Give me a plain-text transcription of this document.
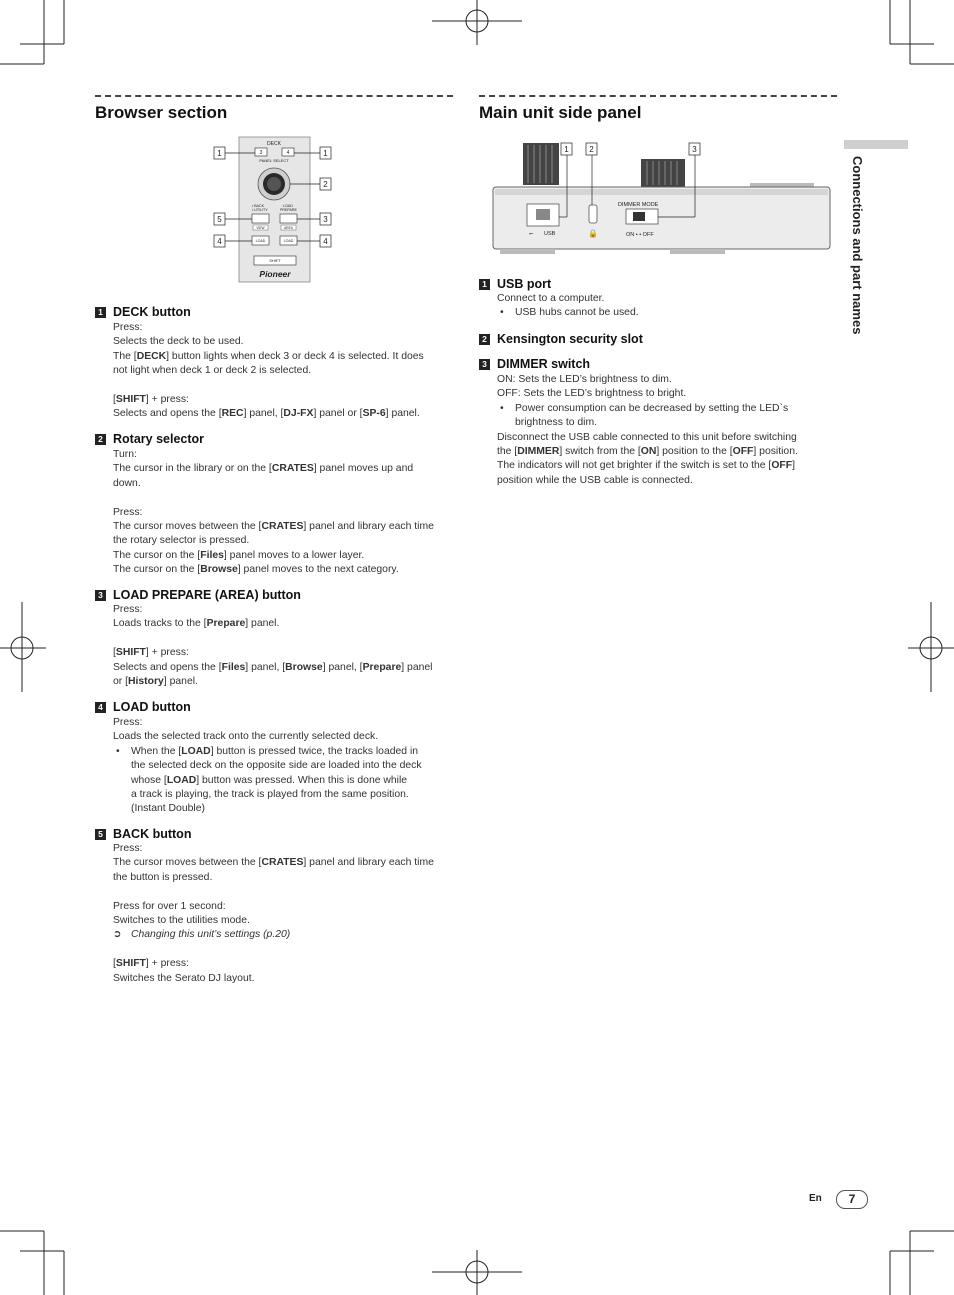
Browser section
DECK
3	4
PANEL SELECT
• BACK
• UTILITY
LOAD
PREPARE
VIEW	AREA
LOAD	LOAD
SHIFT
Pioneer
1	1
2
5	3
4	4
1 DECK button

Press:

Selects the deck to be used.

The [DECK] button lights when deck 3 or deck 4 is selected. It does

not light when deck 1 or deck 2 is selected.

[SHIFT] + press:

Selects and opens the [REC] panel, [DJ-FX] panel or [SP-6] panel.

2 Rotary selector

Turn:

The cursor in the library or on the [CRATES] panel moves up and

down.

Press:

The cursor moves between the [CRATES] panel and library each time

the rotary selector is pressed.

The cursor on the [Files] panel moves to a lower layer.

The cursor on the [Browse] panel moves to the next category.

3 LOAD PREPARE (AREA) button

Press:

Loads tracks to the [Prepare] panel.

[SHIFT] + press:

Selects and opens the [Files] panel, [Browse] panel, [Prepare] panel

or [History] panel.

4 LOAD button

Press:

Loads the selected track onto the currently selected deck.

• When the [LOAD] button is pressed twice, the tracks loaded in

the selected deck on the opposite side are loaded into the deck

whose [LOAD] button was pressed. When this is done while

a track is playing, the track is played from the same position.

(Instant Double)

5 BACK button

Press:

The cursor moves between the [CRATES] panel and library each time

the button is pressed.

Press for over 1 second:

Switches to the utilities mode.

➲ Changing this unit’s settings (p.20)

[SHIFT] + press:

Switches the Serato DJ layout.

Main unit side panel
⭠ USB	🔒
DIMMER MODE
ON • • OFF
1	2	3
1 USB port

Connect to a computer.

• USB hubs cannot be used.

2 Kensington security slot
3 DIMMER switch

ON: Sets the LED’s brightness to dim.

OFF: Sets the LED’s brightness to bright.

• Power consumption can be decreased by setting the LED`s

brightness to dim.

Disconnect the USB cable connected to this unit before switching

the [DIMMER] switch from the [ON] position to the [OFF] position.

The indicators will not get brighter if the switch is set to the [OFF]

position while the USB cable is connected.

Connections and part names
En	7
